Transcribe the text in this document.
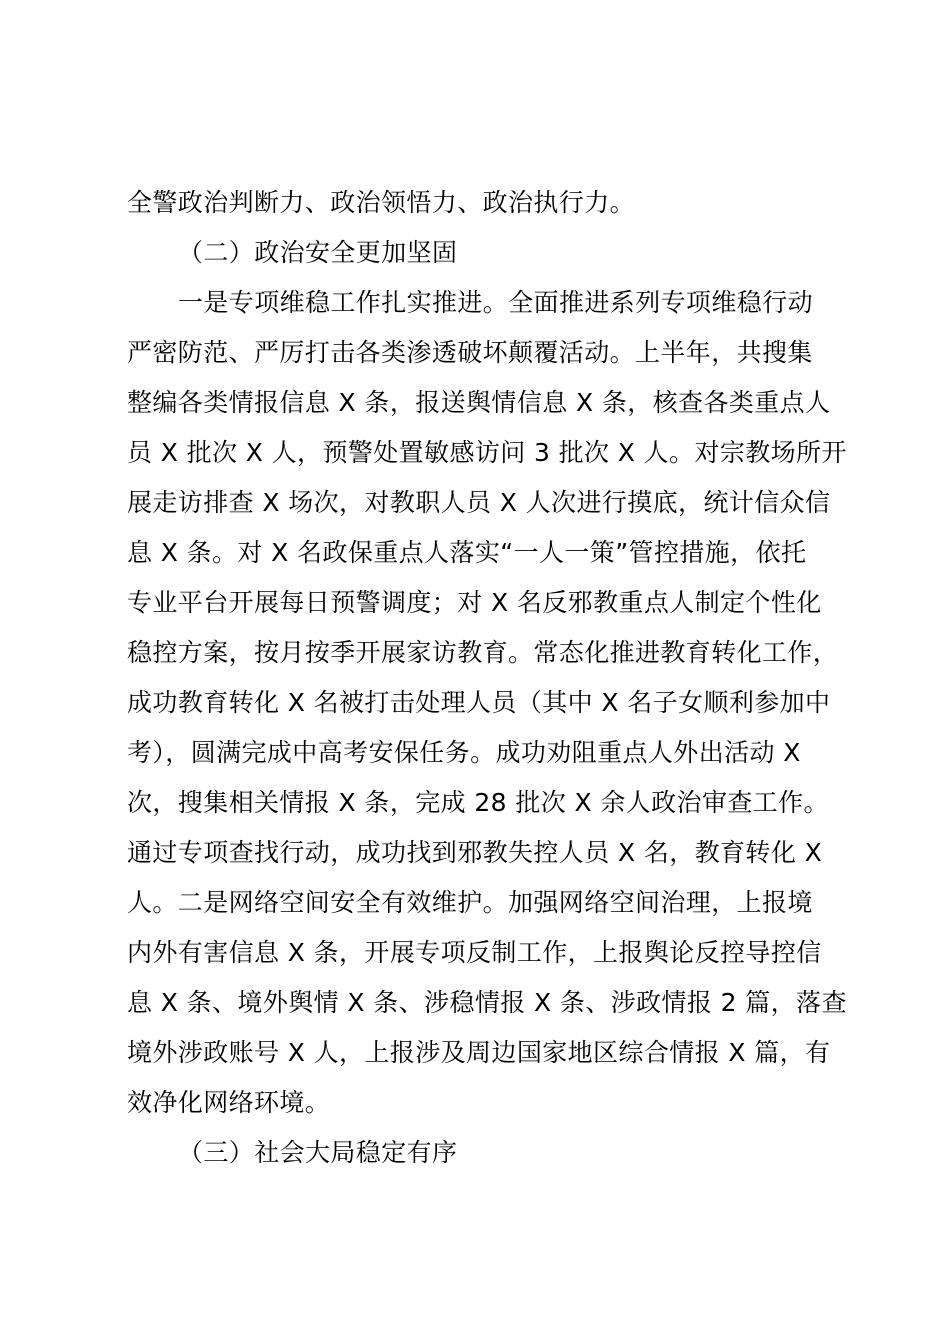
全警政治判断力、政治领悟力、政治执行力。
（二）政治安全更加坚固
一是专项维稳工作扎实推进。全面推进系列专项维稳行动
严密防范、严厉打击各类渗透破坏颠覆活动。上半年，共搜集
整编各类情报信息 X 条，报送舆情信息 X 条，核查各类重点人
员 X 批次 X 人，预警处置敏感访问 3 批次 X 人。对宗教场所开
展走访排查 X 场次，对教职人员 X 人次进行摸底，统计信众信
息 X 条。对 X 名政保重点人落实“一人一策”管控措施，依托
专业平台开展每日预警调度；对 X 名反邪教重点人制定个性化
稳控方案，按月按季开展家访教育。常态化推进教育转化工作，
成功教育转化 X 名被打击处理人员（其中 X 名子女顺利参加中
考），圆满完成中高考安保任务。成功劝阻重点人外出活动 X
次，搜集相关情报 X 条，完成 28 批次 X 余人政治审查工作。
通过专项查找行动，成功找到邪教失控人员 X 名，教育转化 X
人。二是网络空间安全有效维护。加强网络空间治理，上报境
内外有害信息 X 条，开展专项反制工作，上报舆论反控导控信
息 X 条、境外舆情 X 条、涉稳情报 X 条、涉政情报 2 篇，落查
境外涉政账号 X 人，上报涉及周边国家地区综合情报 X 篇，有
效净化网络环境。
（三）社会大局稳定有序
